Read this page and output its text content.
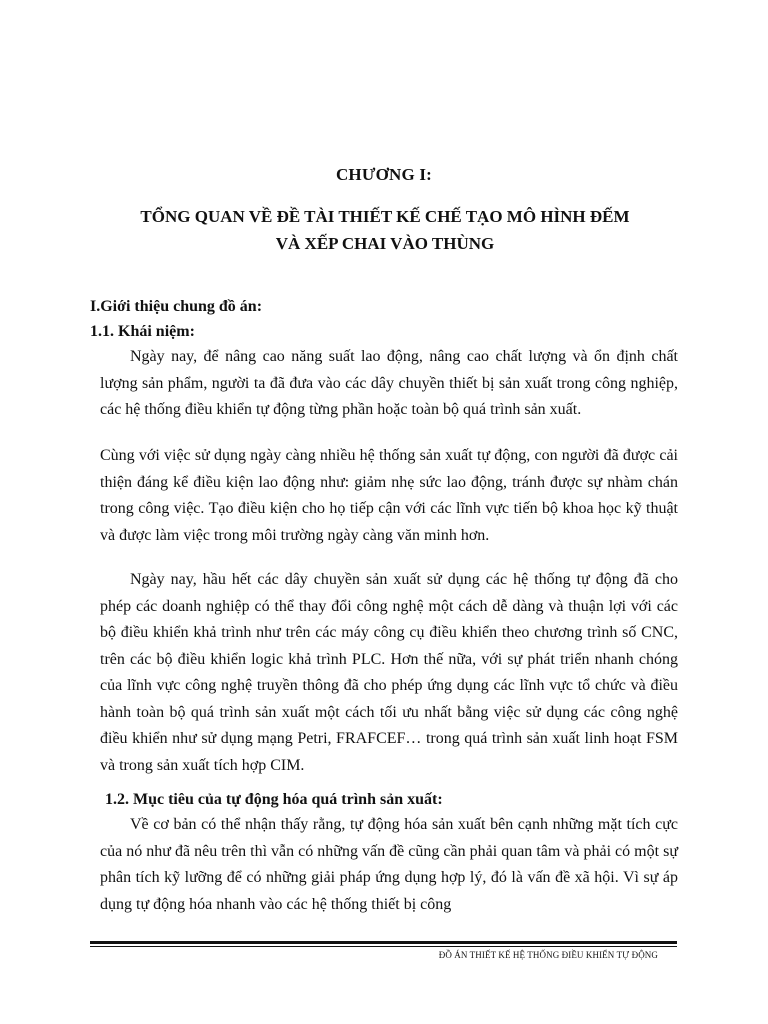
CHƯƠNG I:
TỔNG QUAN VỀ ĐỀ TÀI THIẾT KẾ CHẾ TẠO MÔ HÌNH ĐẾM
VÀ XẾP CHAI VÀO THÙNG
I.Giới thiệu chung đồ án:
1.1. Khái niệm:
Ngày nay, để nâng cao năng suất lao động, nâng cao chất lượng và ổn định chất lượng sản phẩm, người ta đã đưa vào các dây chuyền thiết bị sản xuất trong công nghiệp, các hệ thống điều khiển tự động từng phần hoặc toàn bộ quá trình sản xuất.
Cùng với việc sử dụng ngày càng nhiều hệ thống sản xuất tự động, con người đã được cải thiện đáng kể điều kiện lao động như: giảm nhẹ sức lao động, tránh được sự nhàm chán trong công việc. Tạo điều kiện cho họ tiếp cận với các lĩnh vực tiến bộ khoa học kỹ thuật và được làm việc trong môi trường ngày càng văn minh hơn.
Ngày nay, hầu hết các dây chuyền sản xuất sử dụng các hệ thống tự động đã cho phép các doanh nghiệp có thể thay đổi công nghệ một cách dễ dàng và thuận lợi với các bộ điều khiển khả trình như trên các máy công cụ điều khiển theo chương trình số CNC, trên các bộ điều khiển logic khả trình PLC. Hơn thế nữa, với sự phát triển nhanh chóng của lĩnh vực công nghệ truyền thông đã cho phép ứng dụng các lĩnh vực tổ chức và điều hành toàn bộ quá trình sản xuất một cách tối ưu nhất bằng việc sử dụng các công nghệ điều khiển như sử dụng mạng Petri, FRAFCEF… trong quá trình sản xuất linh hoạt FSM và trong sản xuất tích hợp CIM.
1.2. Mục tiêu của tự động hóa quá trình sản xuất:
Về cơ bản có thể nhận thấy rằng, tự động hóa sản xuất bên cạnh những mặt tích cực của nó như đã nêu trên thì vẫn có những vấn đề cũng cần phải quan tâm và phải có một sự phân tích kỹ lưỡng để có những giải pháp ứng dụng hợp lý, đó là vấn đề xã hội. Vì sự áp dụng tự động hóa nhanh vào các hệ thống thiết bị công
ĐỒ ÁN THIẾT KẾ HỆ THỐNG ĐIỀU KHIỂN TỰ ĐỘNG
